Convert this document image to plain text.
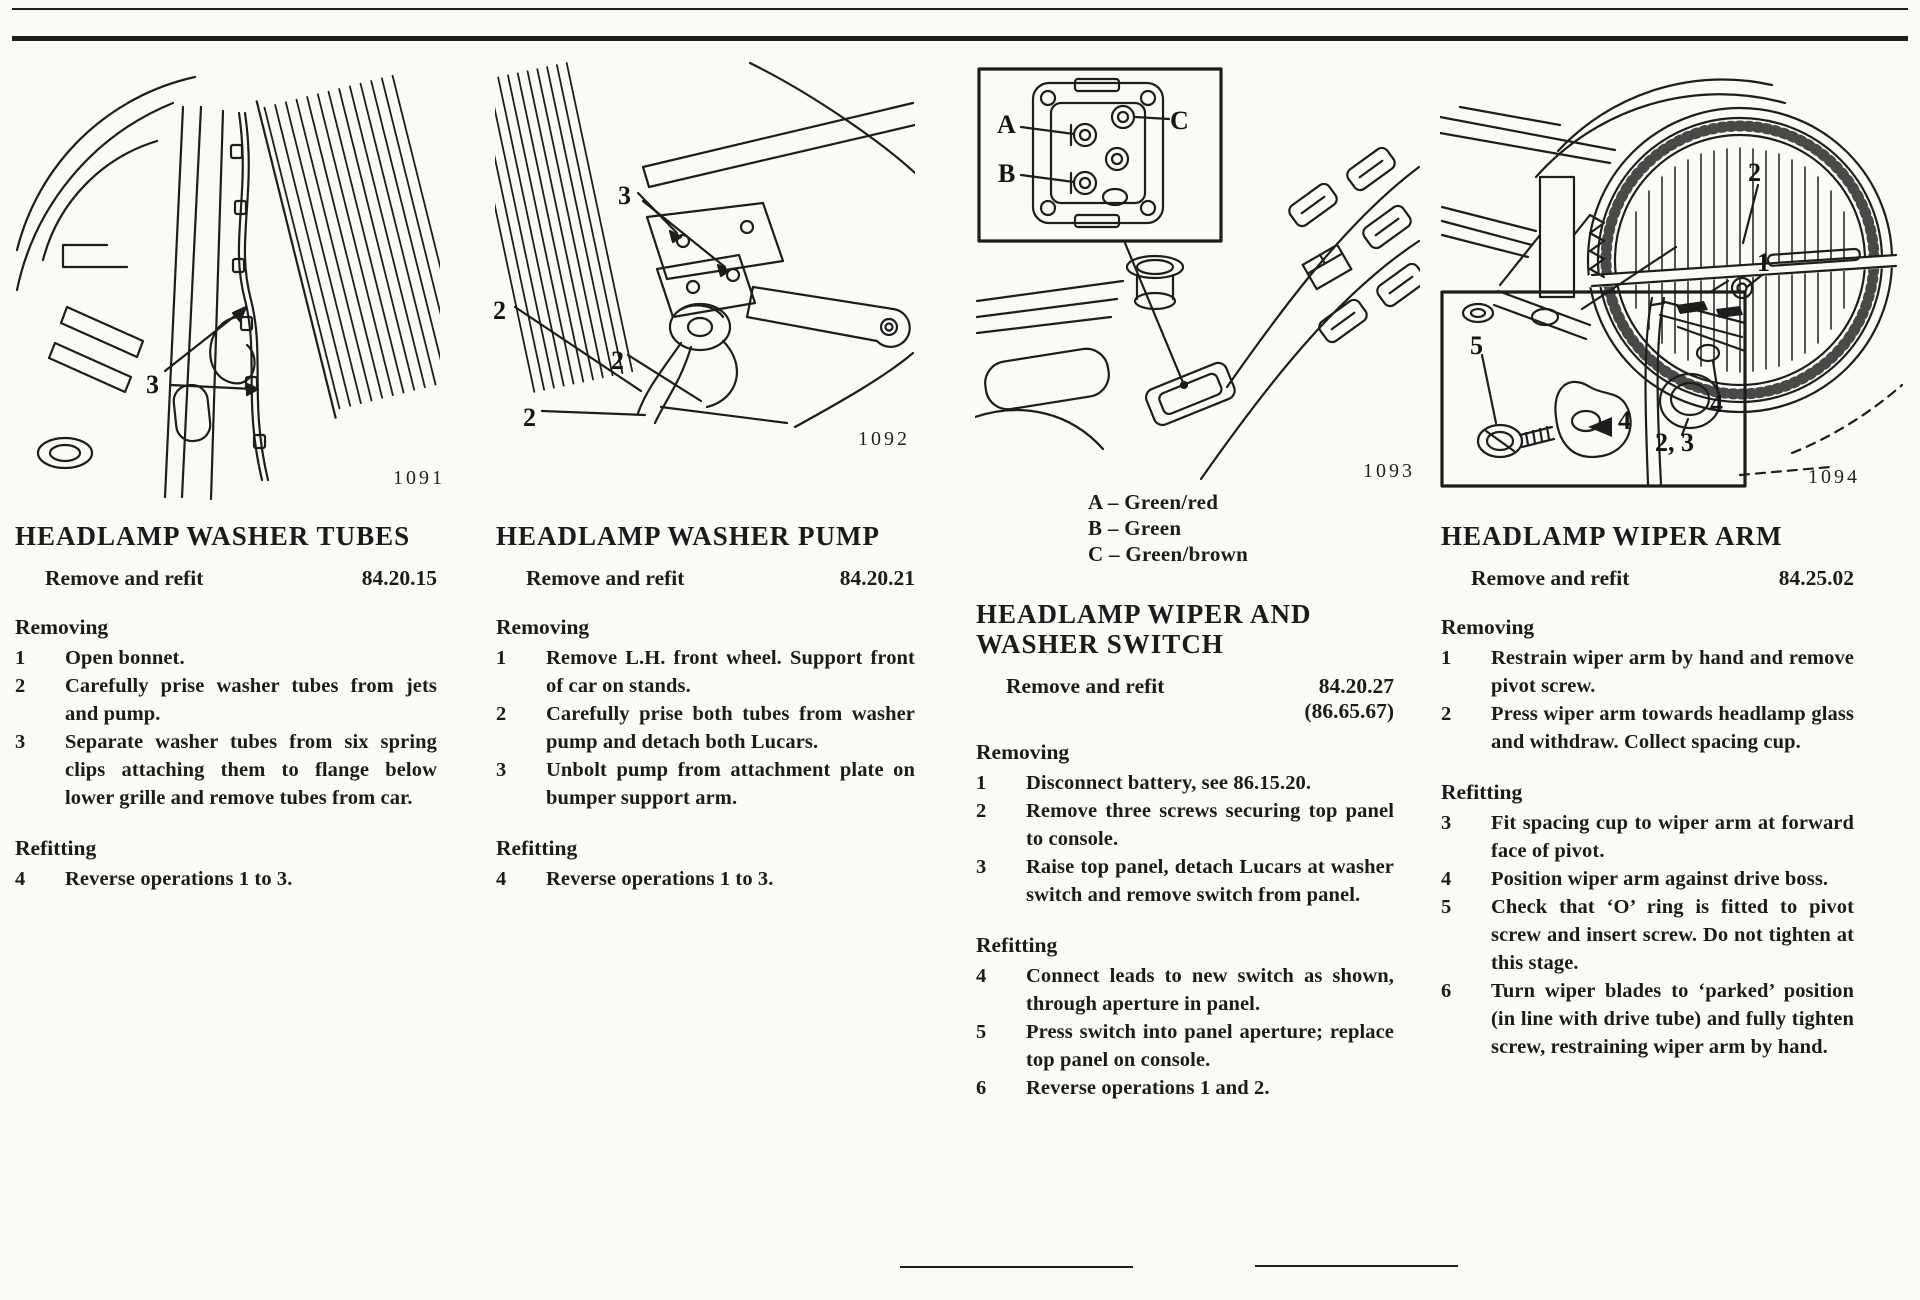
3
1091
3
2
2
2
1092
A
B
C
1093
A – Green/red
B – Green
C – Green/brown
2
1
5
4
2, 3
4
1094
HEADLAMP WASHER TUBES
Remove and refit	84.20.15
Removing
1	Open bonnet.
2	Carefully prise washer tubes from jets and pump.
3	Separate washer tubes from six spring clips attaching them to flange below lower grille and remove tubes from car.
Refitting
4	Reverse operations 1 to 3.
HEADLAMP WASHER PUMP
Remove and refit	84.20.21
Removing
1	Remove L.H. front wheel. Support front of car on stands.
2	Carefully prise both tubes from washer pump and detach both Lucars.
3	Unbolt pump from attachment plate on bumper support arm.
Refitting
4	Reverse operations 1 to 3.
HEADLAMP WIPER AND WASHER SWITCH
Remove and refit	84.20.27
(86.65.67)
Removing
1	Disconnect battery, see 86.15.20.
2	Remove three screws securing top panel to console.
3	Raise top panel, detach Lucars at washer switch and remove switch from panel.
Refitting
4	Connect leads to new switch as shown, through aperture in panel.
5	Press switch into panel aperture; replace top panel on console.
6	Reverse operations 1 and 2.
HEADLAMP WIPER ARM
Remove and refit	84.25.02
Removing
1	Restrain wiper arm by hand and remove pivot screw.
2	Press wiper arm towards headlamp glass and withdraw. Collect spacing cup.
Refitting
3	Fit spacing cup to wiper arm at forward face of pivot.
4	Position wiper arm against drive boss.
5	Check that ‘O’ ring is fitted to pivot screw and insert screw. Do not tighten at this stage.
6	Turn wiper blades to ‘parked’ position (in line with drive tube) and fully tighten screw, restraining wiper arm by hand.
